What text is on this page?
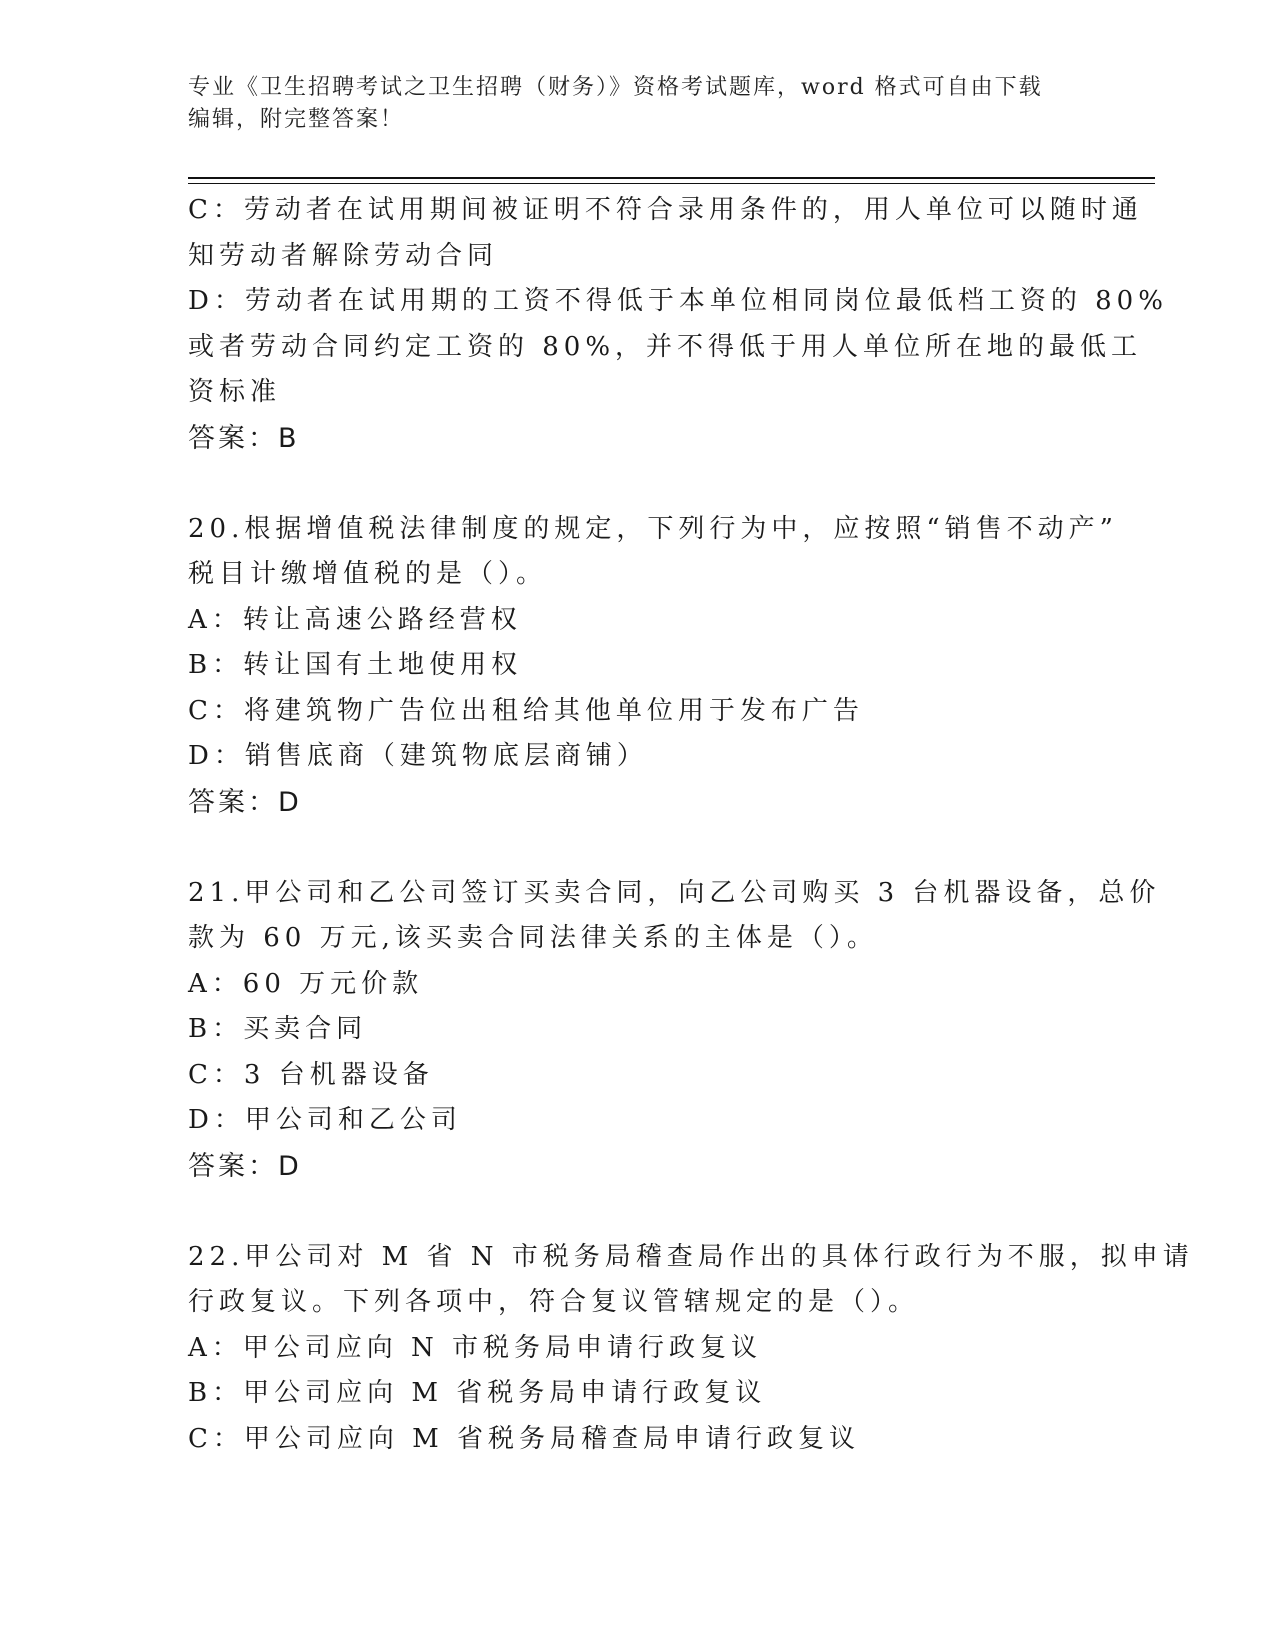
专业《卫生招聘考试之卫生招聘（财务）》资格考试题库，word 格式可自由下载
编辑，附完整答案！
C：劳动者在试用期间被证明不符合录用条件的，用人单位可以随时通
知劳动者解除劳动合同
D：劳动者在试用期的工资不得低于本单位相同岗位最低档工资的 80%
或者劳动合同约定工资的 80%，并不得低于用人单位所在地的最低工
资标准
答案：B
20.根据增值税法律制度的规定，下列行为中，应按照“销售不动产”
税目计缴增值税的是（）。
A：转让高速公路经营权
B：转让国有土地使用权
C：将建筑物广告位出租给其他单位用于发布广告
D：销售底商（建筑物底层商铺）
答案：D
21.甲公司和乙公司签订买卖合同，向乙公司购买 3 台机器设备，总价
款为 60 万元,该买卖合同法律关系的主体是（）。
A：60 万元价款
B：买卖合同
C：3 台机器设备
D：甲公司和乙公司
答案：D
22.甲公司对 M 省 N 市税务局稽查局作出的具体行政行为不服，拟申请
行政复议。下列各项中，符合复议管辖规定的是（）。
A：甲公司应向 N 市税务局申请行政复议
B：甲公司应向 M 省税务局申请行政复议
C：甲公司应向 M 省税务局稽查局申请行政复议
